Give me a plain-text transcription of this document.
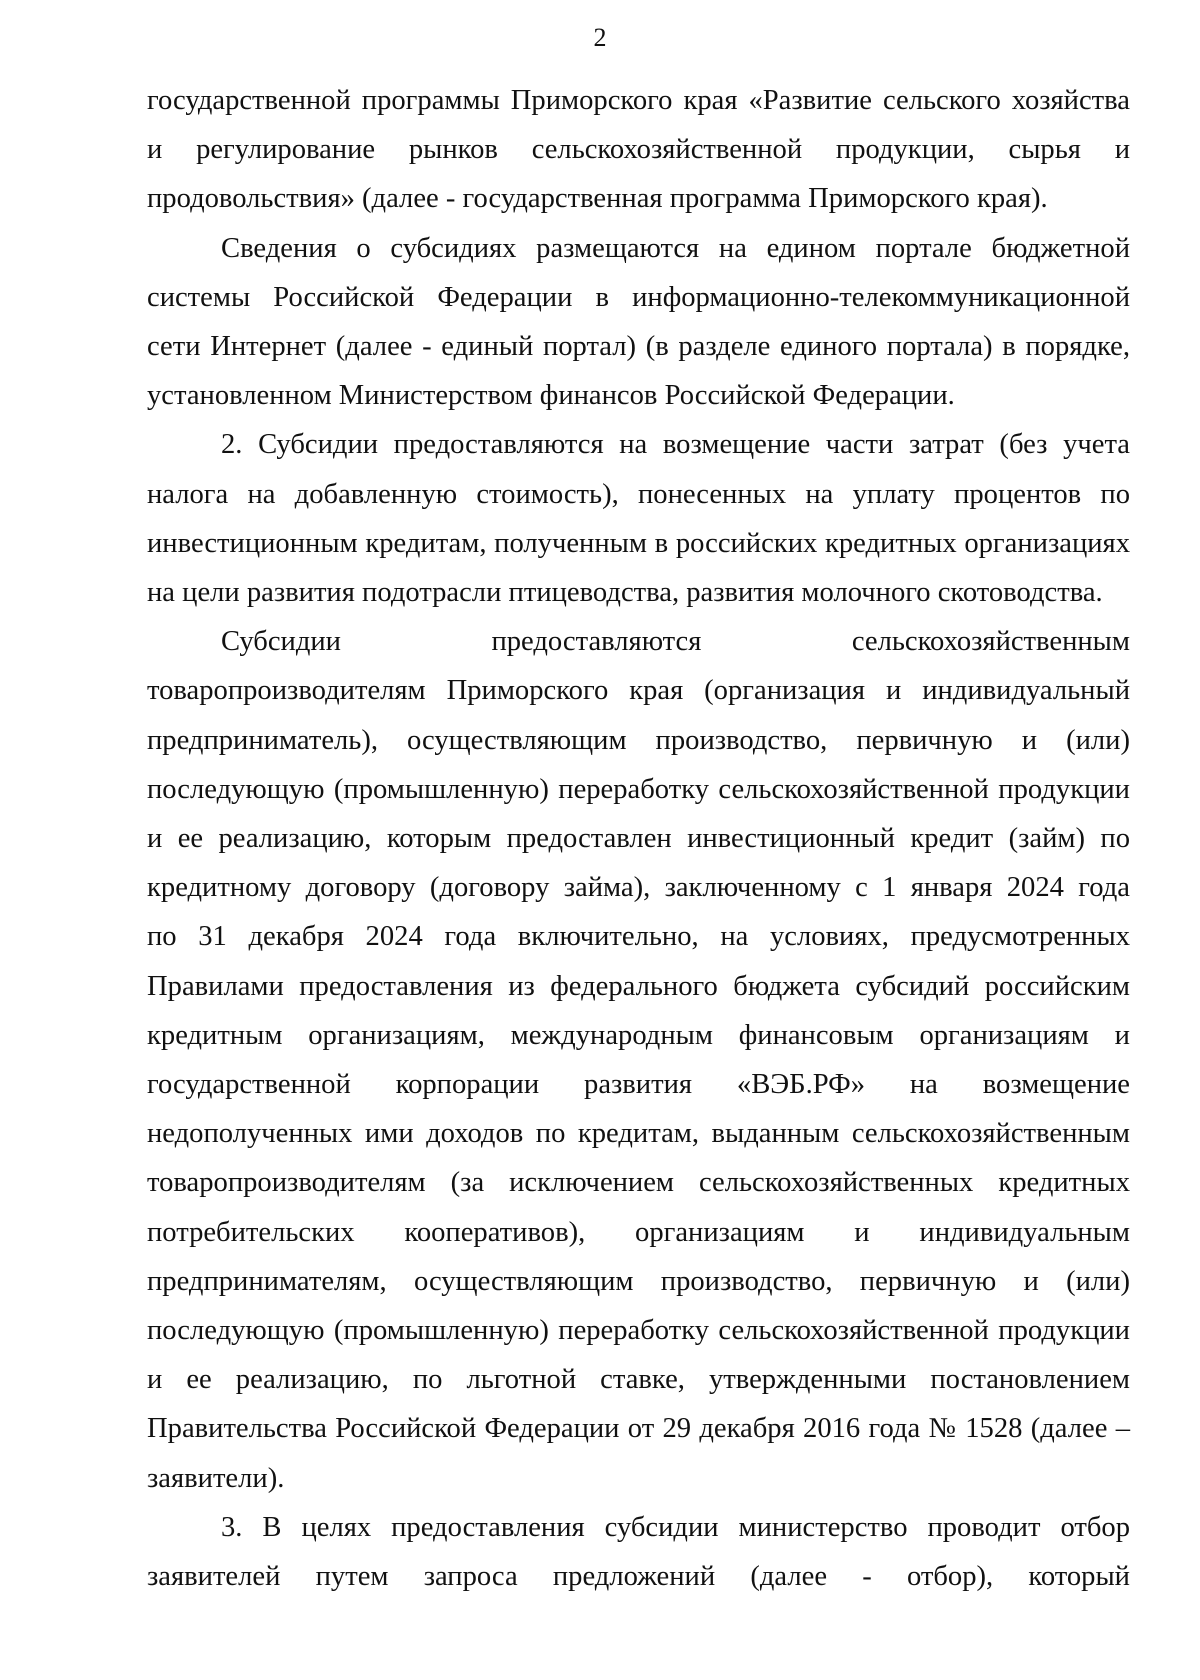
2
государственной программы Приморского края «Развитие сельского хозяйства
и регулирование рынков сельскохозяйственной продукции, сырья и
продовольствия» (далее - государственная программа Приморского края).
Сведения о субсидиях размещаются на едином портале бюджетной
системы Российской Федерации в информационно-телекоммуникационной
сети Интернет (далее - единый портал) (в разделе единого портала) в порядке,
установленном Министерством финансов Российской Федерации.
2. Субсидии предоставляются на возмещение части затрат (без учета
налога на добавленную стоимость), понесенных на уплату процентов по
инвестиционным кредитам, полученным в российских кредитных организациях
на цели развития подотрасли птицеводства, развития молочного скотоводства.
Субсидии предоставляются сельскохозяйственным
товаропроизводителям Приморского края (организация и индивидуальный
предприниматель), осуществляющим производство, первичную и (или)
последующую (промышленную) переработку сельскохозяйственной продукции
и ее реализацию, которым предоставлен инвестиционный кредит (займ) по
кредитному договору (договору займа), заключенному с 1 января 2024 года
по 31 декабря 2024 года включительно, на условиях, предусмотренных
Правилами предоставления из федерального бюджета субсидий российским
кредитным организациям, международным финансовым организациям и
государственной корпорации развития «ВЭБ.РФ» на возмещение
недополученных ими доходов по кредитам, выданным сельскохозяйственным
товаропроизводителям (за исключением сельскохозяйственных кредитных
потребительских кооперативов), организациям и индивидуальным
предпринимателям, осуществляющим производство, первичную и (или)
последующую (промышленную) переработку сельскохозяйственной продукции
и ее реализацию, по льготной ставке, утвержденными постановлением
Правительства Российской Федерации от 29 декабря 2016 года № 1528 (далее –
заявители).
3. В целях предоставления субсидии министерство проводит отбор
заявителей путем запроса предложений (далее - отбор), который
